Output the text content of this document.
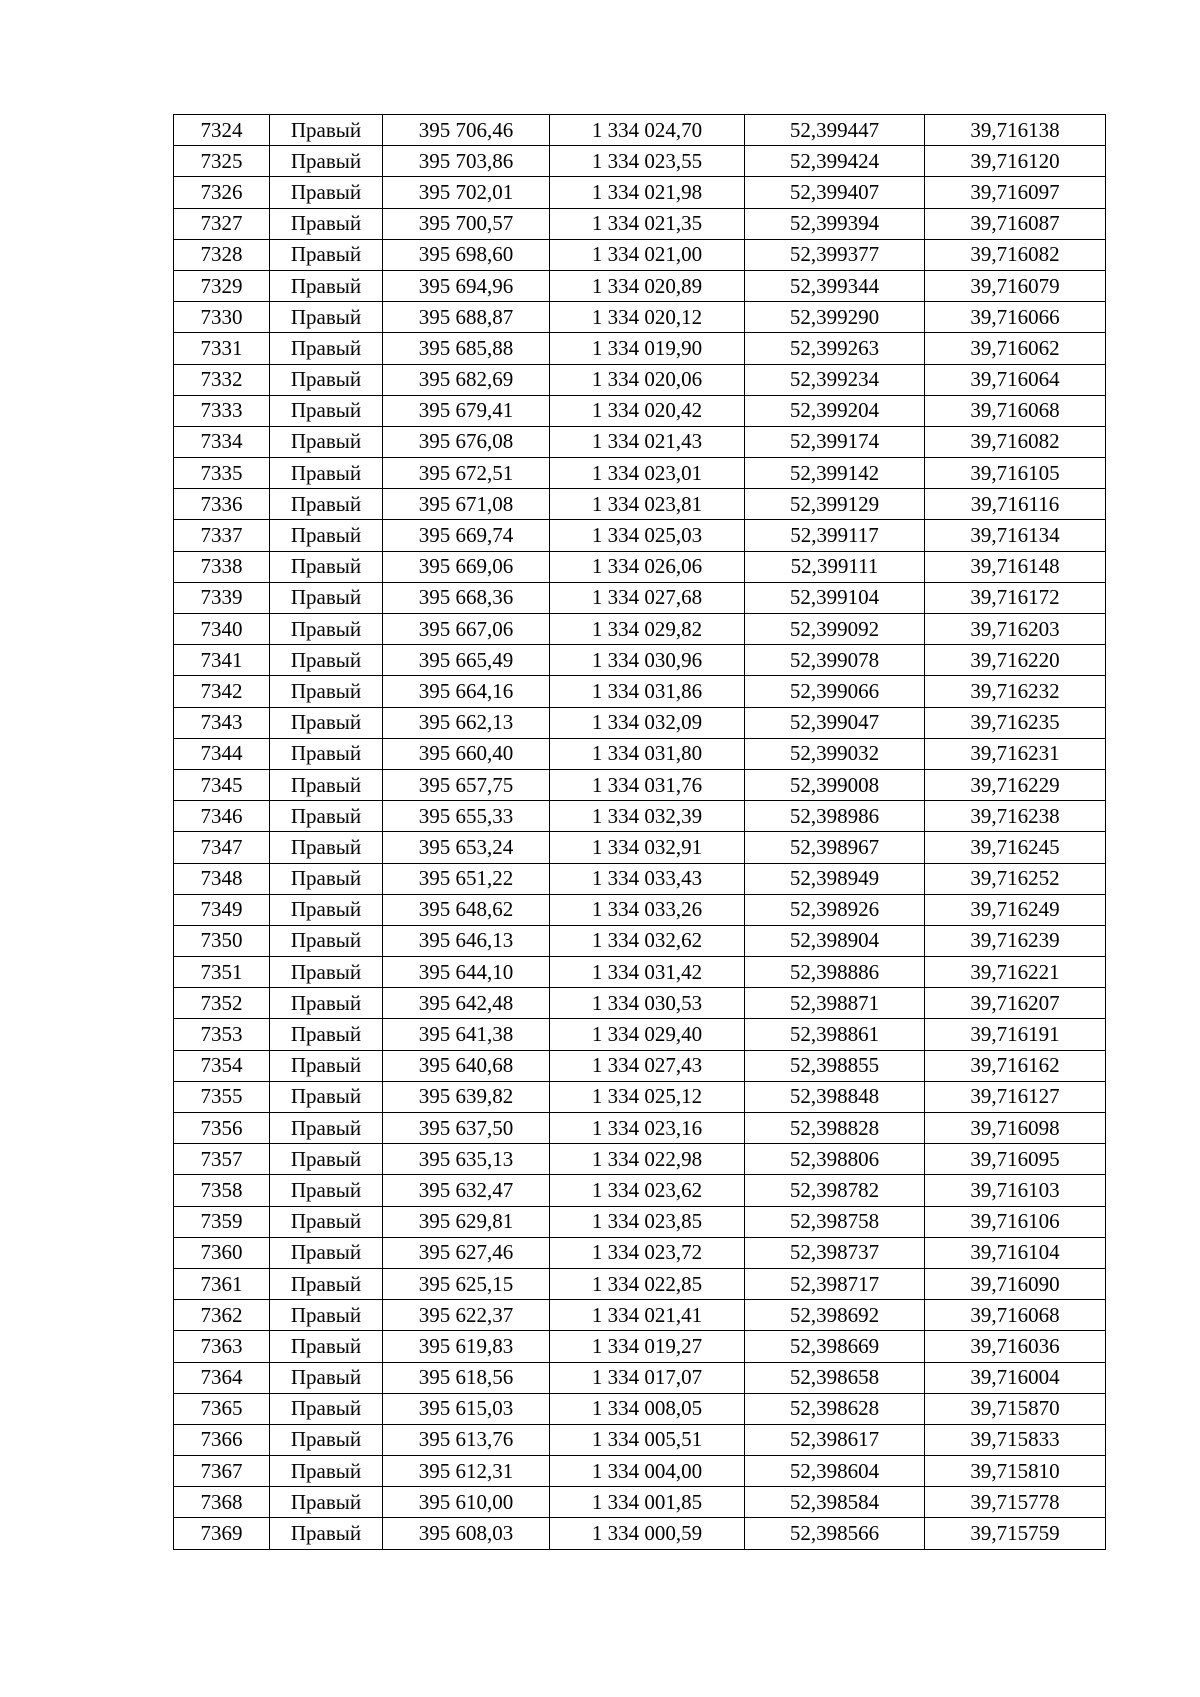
7324	Правый	395 706,46	1 334 024,70	52,399447	39,716138
7325	Правый	395 703,86	1 334 023,55	52,399424	39,716120
7326	Правый	395 702,01	1 334 021,98	52,399407	39,716097
7327	Правый	395 700,57	1 334 021,35	52,399394	39,716087
7328	Правый	395 698,60	1 334 021,00	52,399377	39,716082
7329	Правый	395 694,96	1 334 020,89	52,399344	39,716079
7330	Правый	395 688,87	1 334 020,12	52,399290	39,716066
7331	Правый	395 685,88	1 334 019,90	52,399263	39,716062
7332	Правый	395 682,69	1 334 020,06	52,399234	39,716064
7333	Правый	395 679,41	1 334 020,42	52,399204	39,716068
7334	Правый	395 676,08	1 334 021,43	52,399174	39,716082
7335	Правый	395 672,51	1 334 023,01	52,399142	39,716105
7336	Правый	395 671,08	1 334 023,81	52,399129	39,716116
7337	Правый	395 669,74	1 334 025,03	52,399117	39,716134
7338	Правый	395 669,06	1 334 026,06	52,399111	39,716148
7339	Правый	395 668,36	1 334 027,68	52,399104	39,716172
7340	Правый	395 667,06	1 334 029,82	52,399092	39,716203
7341	Правый	395 665,49	1 334 030,96	52,399078	39,716220
7342	Правый	395 664,16	1 334 031,86	52,399066	39,716232
7343	Правый	395 662,13	1 334 032,09	52,399047	39,716235
7344	Правый	395 660,40	1 334 031,80	52,399032	39,716231
7345	Правый	395 657,75	1 334 031,76	52,399008	39,716229
7346	Правый	395 655,33	1 334 032,39	52,398986	39,716238
7347	Правый	395 653,24	1 334 032,91	52,398967	39,716245
7348	Правый	395 651,22	1 334 033,43	52,398949	39,716252
7349	Правый	395 648,62	1 334 033,26	52,398926	39,716249
7350	Правый	395 646,13	1 334 032,62	52,398904	39,716239
7351	Правый	395 644,10	1 334 031,42	52,398886	39,716221
7352	Правый	395 642,48	1 334 030,53	52,398871	39,716207
7353	Правый	395 641,38	1 334 029,40	52,398861	39,716191
7354	Правый	395 640,68	1 334 027,43	52,398855	39,716162
7355	Правый	395 639,82	1 334 025,12	52,398848	39,716127
7356	Правый	395 637,50	1 334 023,16	52,398828	39,716098
7357	Правый	395 635,13	1 334 022,98	52,398806	39,716095
7358	Правый	395 632,47	1 334 023,62	52,398782	39,716103
7359	Правый	395 629,81	1 334 023,85	52,398758	39,716106
7360	Правый	395 627,46	1 334 023,72	52,398737	39,716104
7361	Правый	395 625,15	1 334 022,85	52,398717	39,716090
7362	Правый	395 622,37	1 334 021,41	52,398692	39,716068
7363	Правый	395 619,83	1 334 019,27	52,398669	39,716036
7364	Правый	395 618,56	1 334 017,07	52,398658	39,716004
7365	Правый	395 615,03	1 334 008,05	52,398628	39,715870
7366	Правый	395 613,76	1 334 005,51	52,398617	39,715833
7367	Правый	395 612,31	1 334 004,00	52,398604	39,715810
7368	Правый	395 610,00	1 334 001,85	52,398584	39,715778
7369	Правый	395 608,03	1 334 000,59	52,398566	39,715759
